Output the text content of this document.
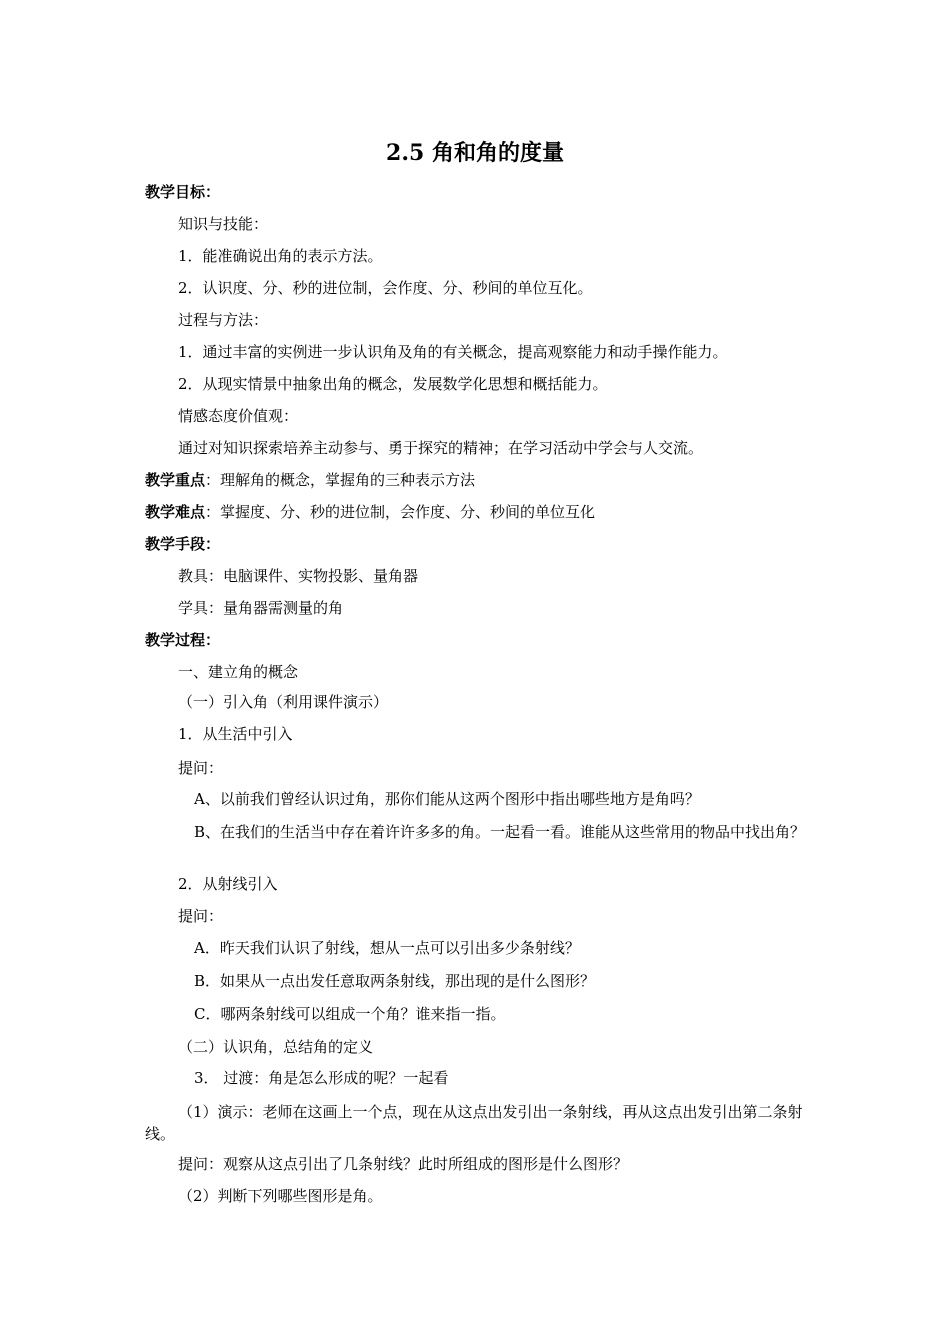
2.5 角和角的度量
教学目标：
知识与技能：
1．能准确说出角的表示方法。
2．认识度、分、秒的进位制，会作度、分、秒间的单位互化。
过程与方法：
1．通过丰富的实例进一步认识角及角的有关概念，提高观察能力和动手操作能力。
2．从现实情景中抽象出角的概念，发展数学化思想和概括能力。
情感态度价值观：
通过对知识探索培养主动参与、勇于探究的精神；在学习活动中学会与人交流。
教学重点：理解角的概念，掌握角的三种表示方法
教学难点：掌握度、分、秒的进位制，会作度、分、秒间的单位互化
教学手段：
教具：电脑课件、实物投影、量角器
学具：量角器需测量的角
教学过程：
一、建立角的概念
（一）引入角（利用课件演示）
1．从生活中引入
提问：
A、以前我们曾经认识过角，那你们能从这两个图形中指出哪些地方是角吗？
B、在我们的生活当中存在着许许多多的角。一起看一看。谁能从这些常用的物品中找出角？
2．从射线引入
提问：
A．昨天我们认识了射线，想从一点可以引出多少条射线？
B．如果从一点出发任意取两条射线，那出现的是什么图形？
C．哪两条射线可以组成一个角？谁来指一指。
（二）认识角，总结角的定义
3． 过渡：角是怎么形成的呢？一起看
（1）演示：老师在这画上一个点，现在从这点出发引出一条射线，再从这点出发引出第二条射线。
提问：观察从这点引出了几条射线？此时所组成的图形是什么图形？
（2）判断下列哪些图形是角。
